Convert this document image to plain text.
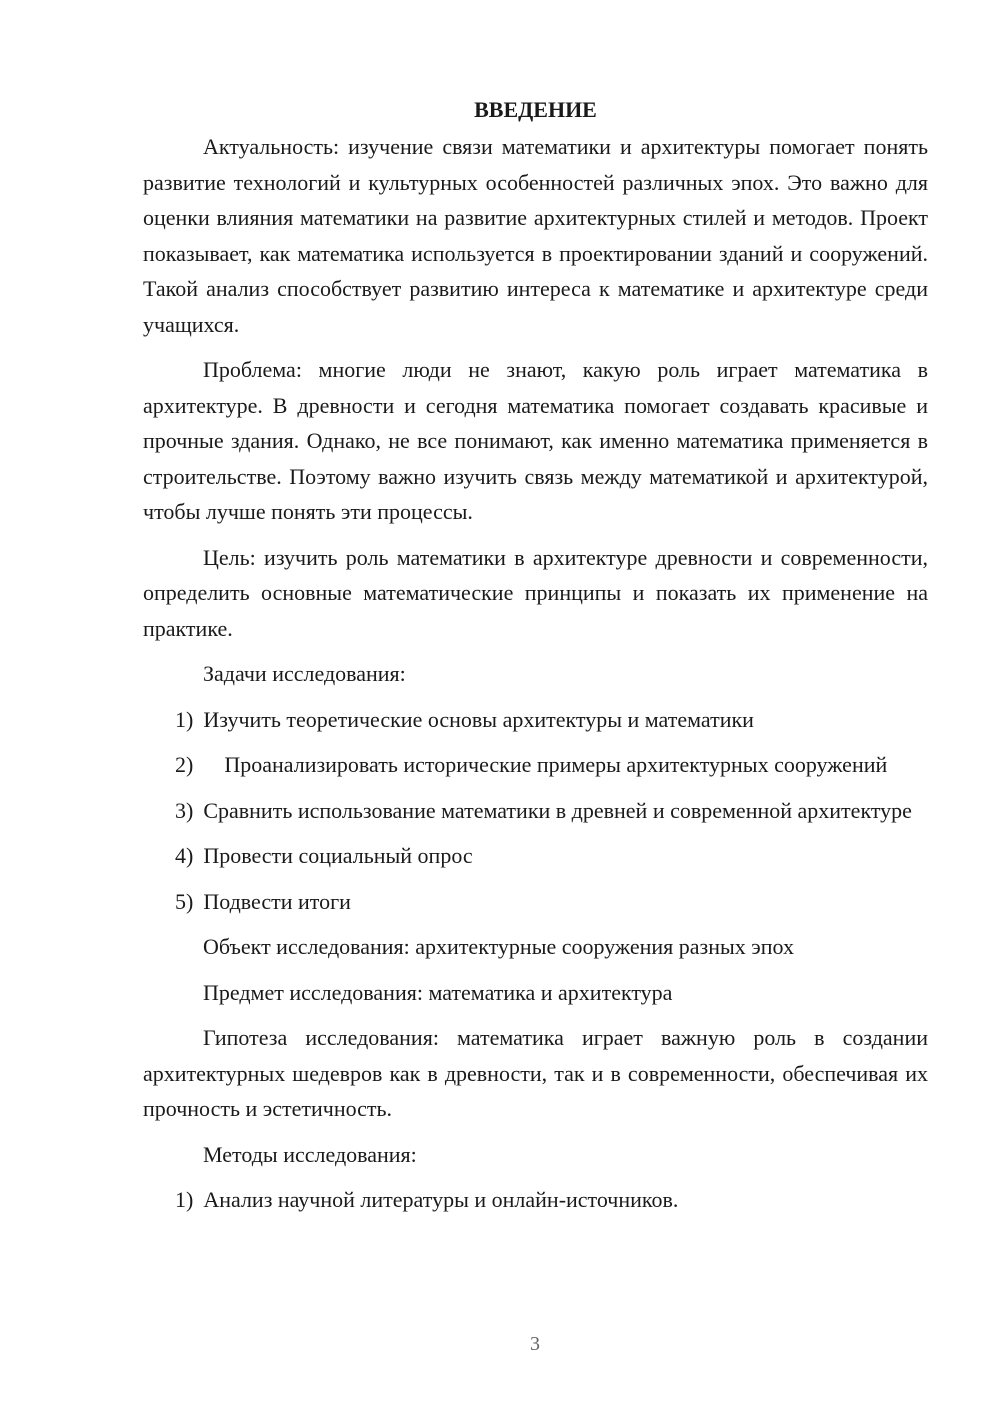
ВВЕДЕНИЕ

Актуальность: изучение связи математики и архитектуры помогает понять развитие технологий и культурных особенностей различных эпох. Это важно для оценки влияния математики на развитие архитектурных стилей и методов. Проект показывает, как математика используется в проектировании зданий и сооружений. Такой анализ способствует развитию интереса к математике и архитектуре среди учащихся.

Проблема: многие люди не знают, какую роль играет математика в архитектуре. В древности и сегодня математика помогает создавать красивые и прочные здания. Однако, не все понимают, как именно математика применяется в строительстве. Поэтому важно изучить связь между математикой и архитектурой, чтобы лучше понять эти процессы.

Цель: изучить роль математики в архитектуре древности и современности, определить основные математические принципы и показать их применение на практике.

Задачи исследования:

1) Изучить теоретические основы архитектуры и математики

2) Проанализировать исторические примеры архитектурных сооружений

3) Сравнить использование математики в древней и современной архитектуре

4) Провести социальный опрос

5) Подвести итоги

Объект исследования: архитектурные сооружения разных эпох

Предмет исследования: математика и архитектура

Гипотеза исследования: математика играет важную роль в создании архитектурных шедевров как в древности, так и в современности, обеспечивая их прочность и эстетичность.

Методы исследования:

1) Анализ научной литературы и онлайн-источников.

3
